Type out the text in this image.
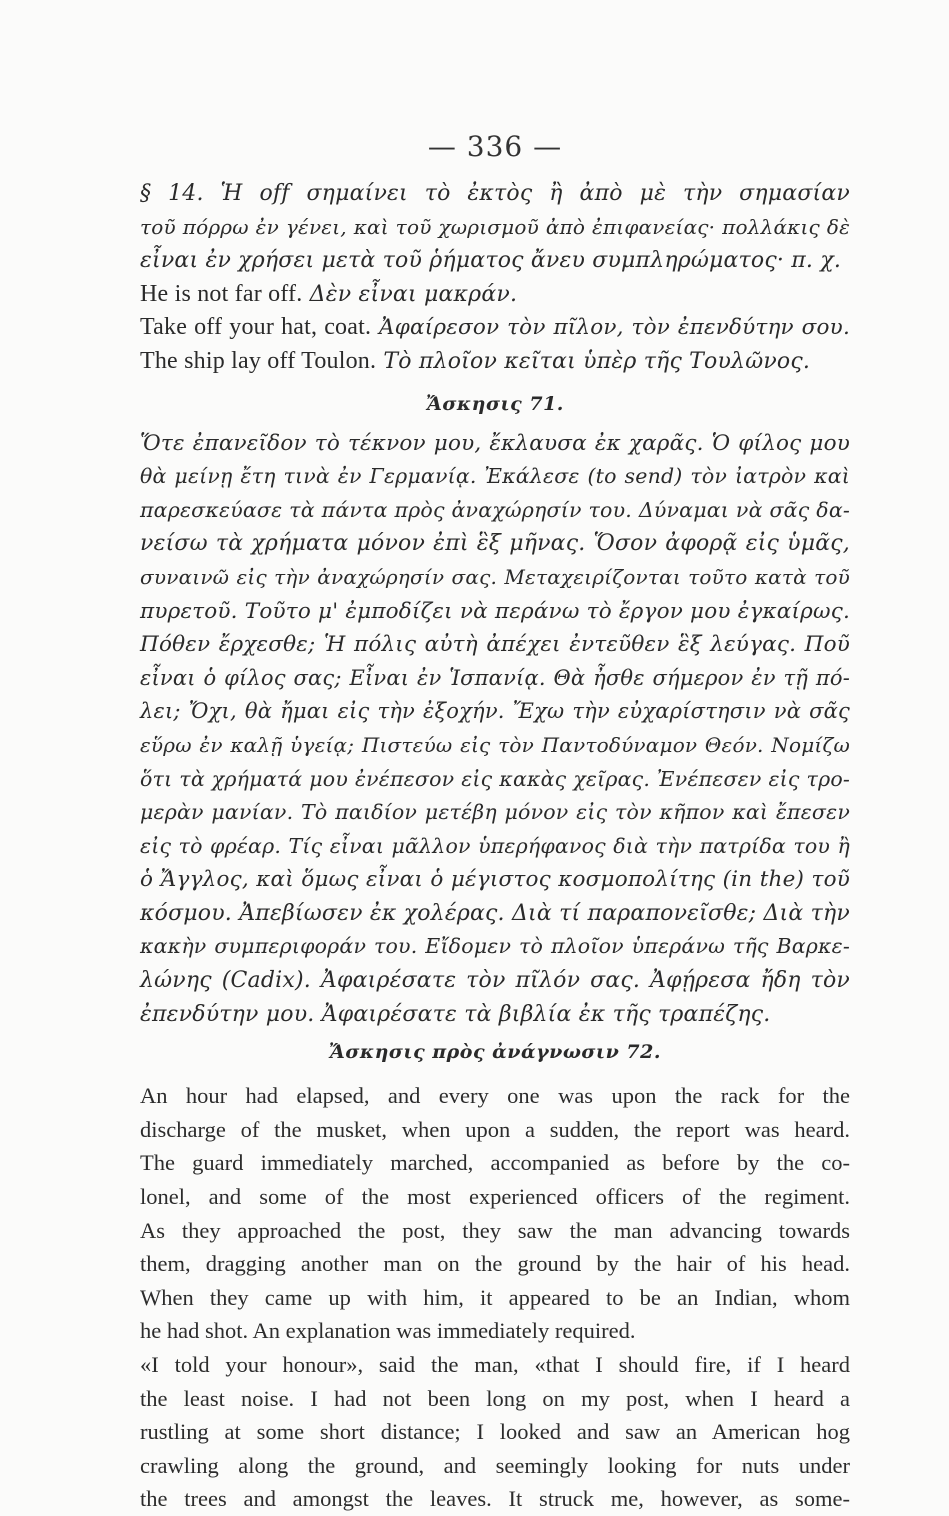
— 336 —
§ 14. Ἡ off σημαίνει τὸ ἐκτὸς ἢ ἀπὸ μὲ τὴν σημασίαν
τοῦ πόρρω ἐν γένει, καὶ τοῦ χωρισμοῦ ἀπὸ ἐπιφανείας· πολλάκις δὲ
εἶναι ἐν χρήσει μετὰ τοῦ ῥήματος ἄνευ συμπληρώματος· π. χ.
He is not far off. Δὲν εἶναι μακράν.
Take off your hat, coat. Ἀφαίρεσον τὸν πῖλον, τὸν ἐπενδύτην σου.
The ship lay off Toulon. Τὸ πλοῖον κεῖται ὑπὲρ τῆς Τουλῶνος.
Ἄσκησις 71.
Ὅτε ἐπανεῖδον τὸ τέκνον μου, ἔκλαυσα ἐκ χαρᾶς. Ὁ φίλος μου
θὰ μείνῃ ἔτη τινὰ ἐν Γερμανίᾳ. Ἐκάλεσε (to send) τὸν ἰατρὸν καὶ
παρεσκεύασε τὰ πάντα πρὸς ἀναχώρησίν του. Δύναμαι νὰ σᾶς δα-
νείσω τὰ χρήματα μόνον ἐπὶ ἓξ μῆνας. Ὅσον ἀφορᾷ εἰς ὑμᾶς,
συναινῶ εἰς τὴν ἀναχώρησίν σας. Μεταχειρίζονται τοῦτο κατὰ τοῦ
πυρετοῦ. Τοῦτο μ' ἐμποδίζει νὰ περάνω τὸ ἔργον μου ἐγκαίρως.
Πόθεν ἔρχεσθε; Ἡ πόλις αὐτὴ ἀπέχει ἐντεῦθεν ἓξ λεύγας. Ποῦ
εἶναι ὁ φίλος σας; Εἶναι ἐν Ἱσπανίᾳ. Θὰ ἦσθε σήμερον ἐν τῇ πό-
λει; Ὄχι, θὰ ἤμαι εἰς τὴν ἐξοχήν. Ἔχω τὴν εὐχαρίστησιν νὰ σᾶς
εὕρω ἐν καλῇ ὑγείᾳ; Πιστεύω εἰς τὸν Παντοδύναμον Θεόν. Νομίζω
ὅτι τὰ χρήματά μου ἐνέπεσον εἰς κακὰς χεῖρας. Ἐνέπεσεν εἰς τρο-
μερὰν μανίαν. Τὸ παιδίον μετέβη μόνον εἰς τὸν κῆπον καὶ ἔπεσεν
εἰς τὸ φρέαρ. Τίς εἶναι μᾶλλον ὑπερήφανος διὰ τὴν πατρίδα του ἢ
ὁ Ἄγγλος, καὶ ὅμως εἶναι ὁ μέγιστος κοσμοπολίτης (in the) τοῦ
κόσμου. Ἀπεβίωσεν ἐκ χολέρας. Διὰ τί παραπονεῖσθε; Διὰ τὴν
κακὴν συμπεριφοράν του. Εἴδομεν τὸ πλοῖον ὑπεράνω τῆς Βαρκε-
λώνης (Cadix). Ἀφαιρέσατε τὸν πῖλόν σας. Ἀφῄρεσα ἤδη τὸν
ἐπενδύτην μου. Ἀφαιρέσατε τὰ βιβλία ἐκ τῆς τραπέζης.
Ἄσκησις πρὸς ἀνάγνωσιν 72.
An hour had elapsed, and every one was upon the rack for the
discharge of the musket, when upon a sudden, the report was heard.
The guard immediately marched, accompanied as before by the co-
lonel, and some of the most experienced officers of the regiment.
As they approached the post, they saw the man advancing towards
them, dragging another man on the ground by the hair of his head.
When they came up with him, it appeared to be an Indian, whom
he had shot. An explanation was immediately required.
«I told your honour», said the man, «that I should fire, if I heard
the least noise. I had not been long on my post, when I heard a
rustling at some short distance; I looked and saw an American hog
crawling along the ground, and seemingly looking for nuts under
the trees and amongst the leaves. It struck me, however, as some-
